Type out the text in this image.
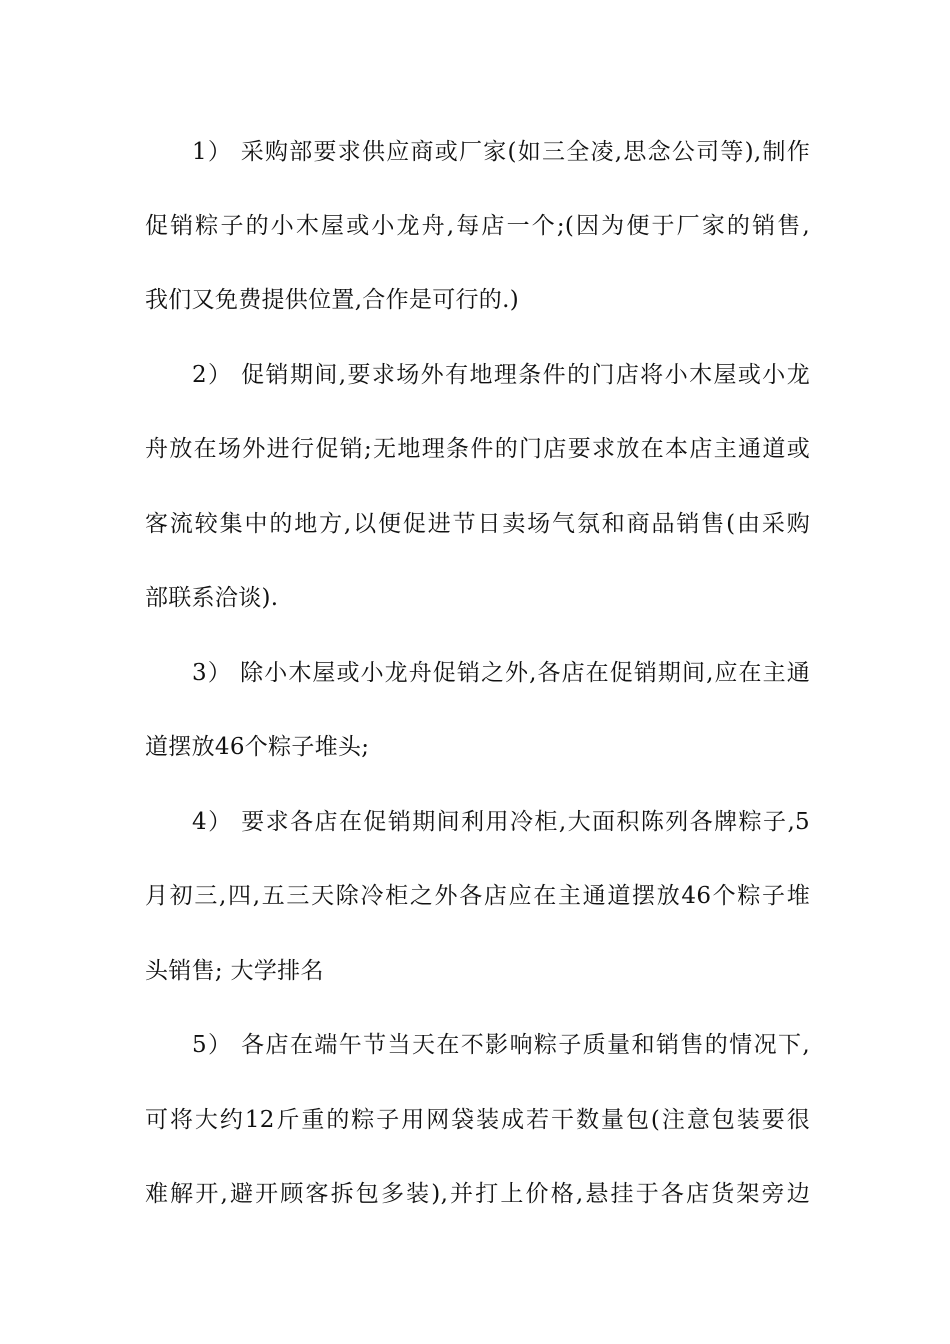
1） 采购部要求供应商或厂家(如三全凌,思念公司等),制作
促销粽子的小木屋或小龙舟,每店一个;(因为便于厂家的销售,
我们又免费提供位置,合作是可行的.)
2） 促销期间,要求场外有地理条件的门店将小木屋或小龙
舟放在场外进行促销;无地理条件的门店要求放在本店主通道或
客流较集中的地方,以便促进节日卖场气氛和商品销售(由采购
部联系洽谈).
3） 除小木屋或小龙舟促销之外,各店在促销期间,应在主通
道摆放46个粽子堆头;
4） 要求各店在促销期间利用冷柜,大面积陈列各牌粽子,5
月初三,四,五三天除冷柜之外各店应在主通道摆放46个粽子堆
头销售; 大学排名
5） 各店在端午节当天在不影响粽子质量和销售的情况下,
可将大约12斤重的粽子用网袋装成若干数量包(注意包装要很
难解开,避开顾客拆包多装),并打上价格,悬挂于各店货架旁边
